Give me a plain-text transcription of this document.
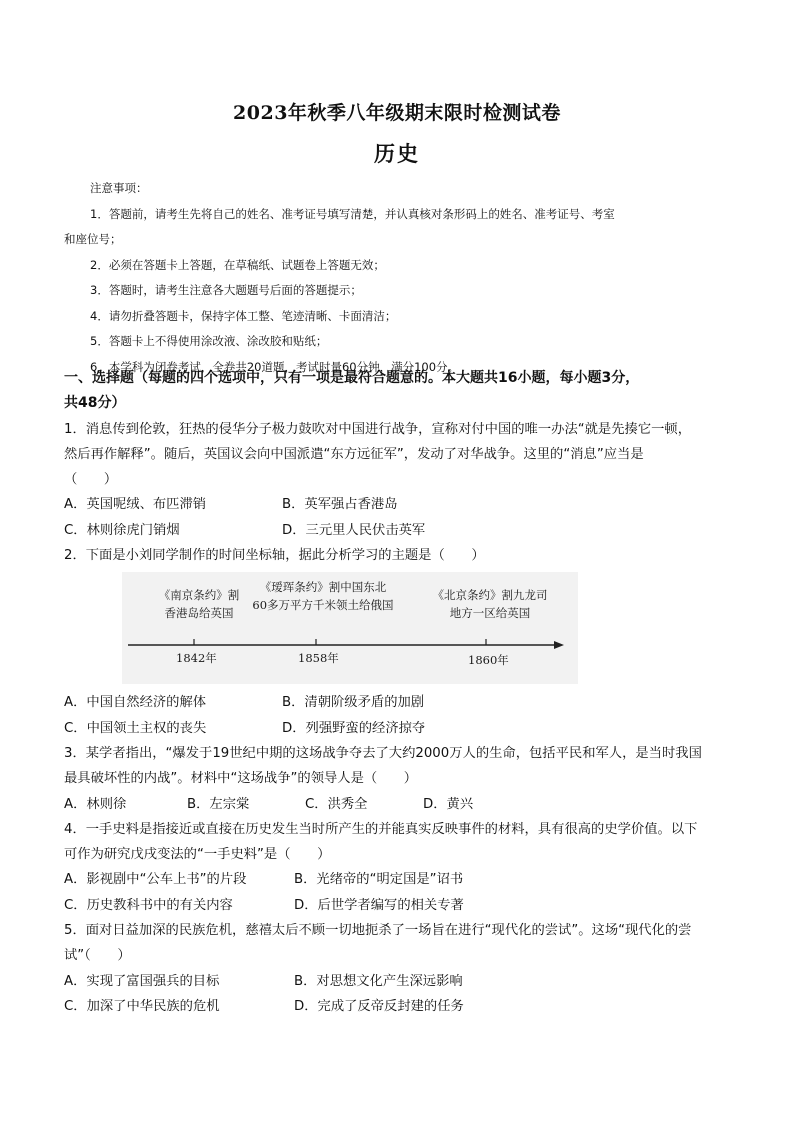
2023年秋季八年级期末限时检测试卷
历史
注意事项：
1．答题前，请考生先将自己的姓名、准考证号填写清楚，并认真核对条形码上的姓名、准考证号、考室
和座位号；
2．必须在答题卡上答题，在草稿纸、试题卷上答题无效；
3．答题时，请考生注意各大题题号后面的答题提示；
4．请勿折叠答题卡，保持字体工整、笔迹清晰、卡面清洁；
5．答题卡上不得使用涂改液、涂改胶和贴纸；
6．本学科为闭卷考试，全卷共20道题，考试时量60分钟，满分100分。
一、选择题（每题的四个选项中，只有一项是最符合题意的。本大题共16小题，每小题3分，
共48分）
1．消息传到伦敦，狂热的侵华分子极力鼓吹对中国进行战争，宣称对付中国的唯一办法“就是先揍它一顿，
然后再作解释”。随后，英国议会向中国派遣“东方远征军”，发动了对华战争。这里的“消息”应当是
（　　）
A．英国呢绒、布匹滞销	B．英军强占香港岛
C．林则徐虎门销烟	D．三元里人民伏击英军
2．下面是小刘同学制作的时间坐标轴，据此分析学习的主题是（　　）
《南京条约》割
香港岛给英国
1842年
《瑷珲条约》割中国东北
60多万平方千米领土给俄国
1858年
《北京条约》割九龙司
地方一区给英国
1860年
A．中国自然经济的解体	B．清朝阶级矛盾的加剧
C．中国领土主权的丧失	D．列强野蛮的经济掠夺
3．某学者指出，“爆发于19世纪中期的这场战争夺去了大约2000万人的生命，包括平民和军人，是当时我国
最具破坏性的内战”。材料中“这场战争”的领导人是（　　）
A．林则徐	B．左宗棠	C．洪秀全	D．黄兴
4．一手史料是指接近或直接在历史发生当时所产生的并能真实反映事件的材料，具有很高的史学价值。以下
可作为研究戊戌变法的“一手史料”是（　　）
A．影视剧中“公车上书”的片段	B．光绪帝的“明定国是”诏书
C．历史教科书中的有关内容	D．后世学者编写的相关专著
5．面对日益加深的民族危机，慈禧太后不顾一切地扼杀了一场旨在进行“现代化的尝试”。这场“现代化的尝
试”（　　）
A．实现了富国强兵的目标	B．对思想文化产生深远影响
C．加深了中华民族的危机	D．完成了反帝反封建的任务
